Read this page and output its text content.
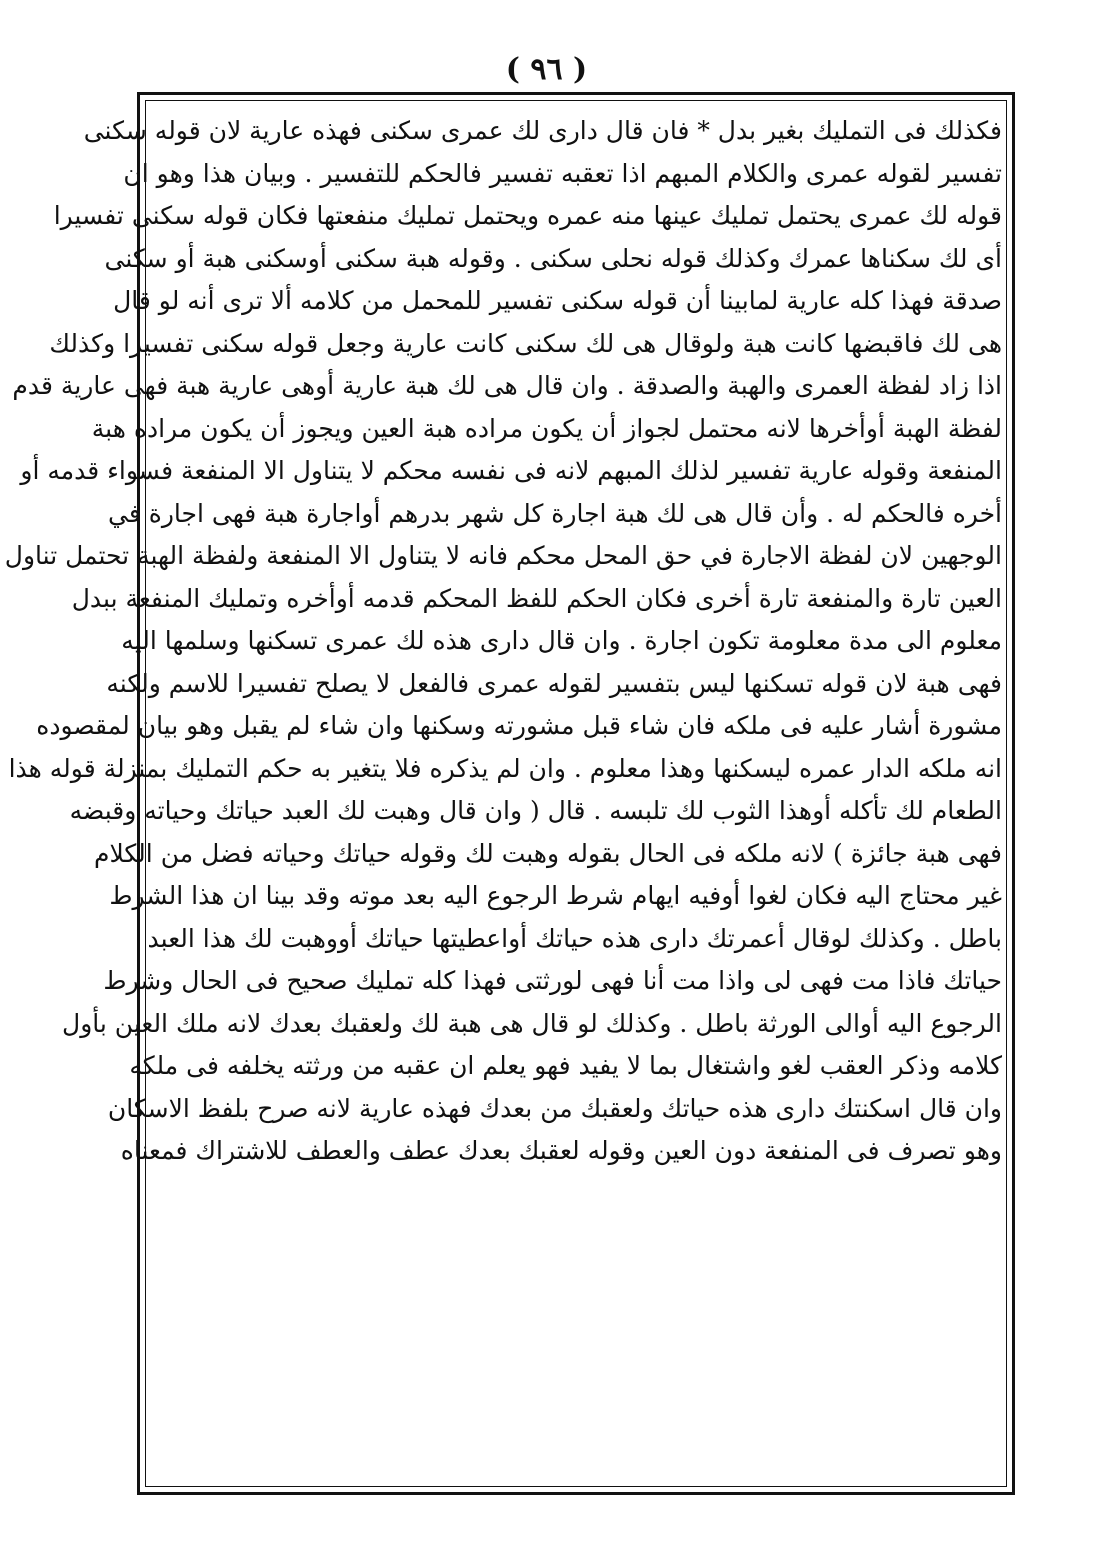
( ٩٦ )
فكذلك فى التمليك بغير بدل * فان قال دارى لك عمرى سكنى فهذه عارية لان قوله سكنى
تفسير لقوله عمرى والكلام المبهم اذا تعقبه تفسير فالحكم للتفسير . وبيان هذا وهو ان
قوله لك عمرى يحتمل تمليك عينها منه عمره ويحتمل تمليك منفعتها فكان قوله سكنى تفسيرا
أى لك سكناها عمرك وكذلك قوله نحلى سكنى . وقوله هبة سكنى أوسكنى هبة أو سكنى
صدقة فهذا كله عارية لمابينا أن قوله سكنى تفسير للمحمل من كلامه ألا ترى أنه لو قال
هى لك فاقبضها كانت هبة ولوقال هى لك سكنى كانت عارية وجعل قوله سكنى تفسيرا وكذلك
اذا زاد لفظة العمرى والهبة والصدقة . وان قال هى لك هبة عارية أوهى عارية هبة فهى عارية قدم
لفظة الهبة أوأخرها لانه محتمل لجواز أن يكون مراده هبة العين ويجوز أن يكون مراده هبة
المنفعة وقوله عارية تفسير لذلك المبهم لانه فى نفسه محكم لا يتناول الا المنفعة فسواء قدمه أو
أخره فالحكم له . وأن قال هى لك هبة اجارة كل شهر بدرهم أواجارة هبة فهى اجارة في
الوجهين لان لفظة الاجارة في حق المحل محكم فانه لا يتناول الا المنفعة ولفظة الهبة تحتمل تناول
العين تارة والمنفعة تارة أخرى فكان الحكم للفظ المحكم قدمه أوأخره وتمليك المنفعة ببدل
معلوم الى مدة معلومة تكون اجارة . وان قال دارى هذه لك عمرى تسكنها وسلمها اليه
فهى هبة لان قوله تسكنها ليس بتفسير لقوله عمرى فالفعل لا يصلح تفسيرا للاسم ولكنه
مشورة أشار عليه فى ملكه فان شاء قبل مشورته وسكنها وان شاء لم يقبل وهو بيان لمقصوده
انه ملكه الدار عمره ليسكنها وهذا معلوم . وان لم يذكره فلا يتغير به حكم التمليك بمنزلة قوله هذا
الطعام لك تأكله أوهذا الثوب لك تلبسه . قال ( وان قال وهبت لك العبد حياتك وحياته وقبضه
فهى هبة جائزة ) لانه ملكه فى الحال بقوله وهبت لك وقوله حياتك وحياته فضل من الكلام
غير محتاج اليه فكان لغوا أوفيه ايهام شرط الرجوع اليه بعد موته وقد بينا ان هذا الشرط
باطل . وكذلك لوقال أعمرتك دارى هذه حياتك أواعطيتها حياتك أووهبت لك هذا العبد
حياتك فاذا مت فهى لى واذا مت أنا فهى لورثتى فهذا كله تمليك صحيح فى الحال وشرط
الرجوع اليه أوالى الورثة باطل . وكذلك لو قال هى هبة لك ولعقبك بعدك لانه ملك العين بأول
كلامه وذكر العقب لغو واشتغال بما لا يفيد فهو يعلم ان عقبه من ورثته يخلفه فى ملكه
وان قال اسكنتك دارى هذه حياتك ولعقبك من بعدك فهذه عارية لانه صرح بلفظ الاسكان
وهو تصرف فى المنفعة دون العين وقوله لعقبك بعدك عطف والعطف للاشتراك فمعناه
